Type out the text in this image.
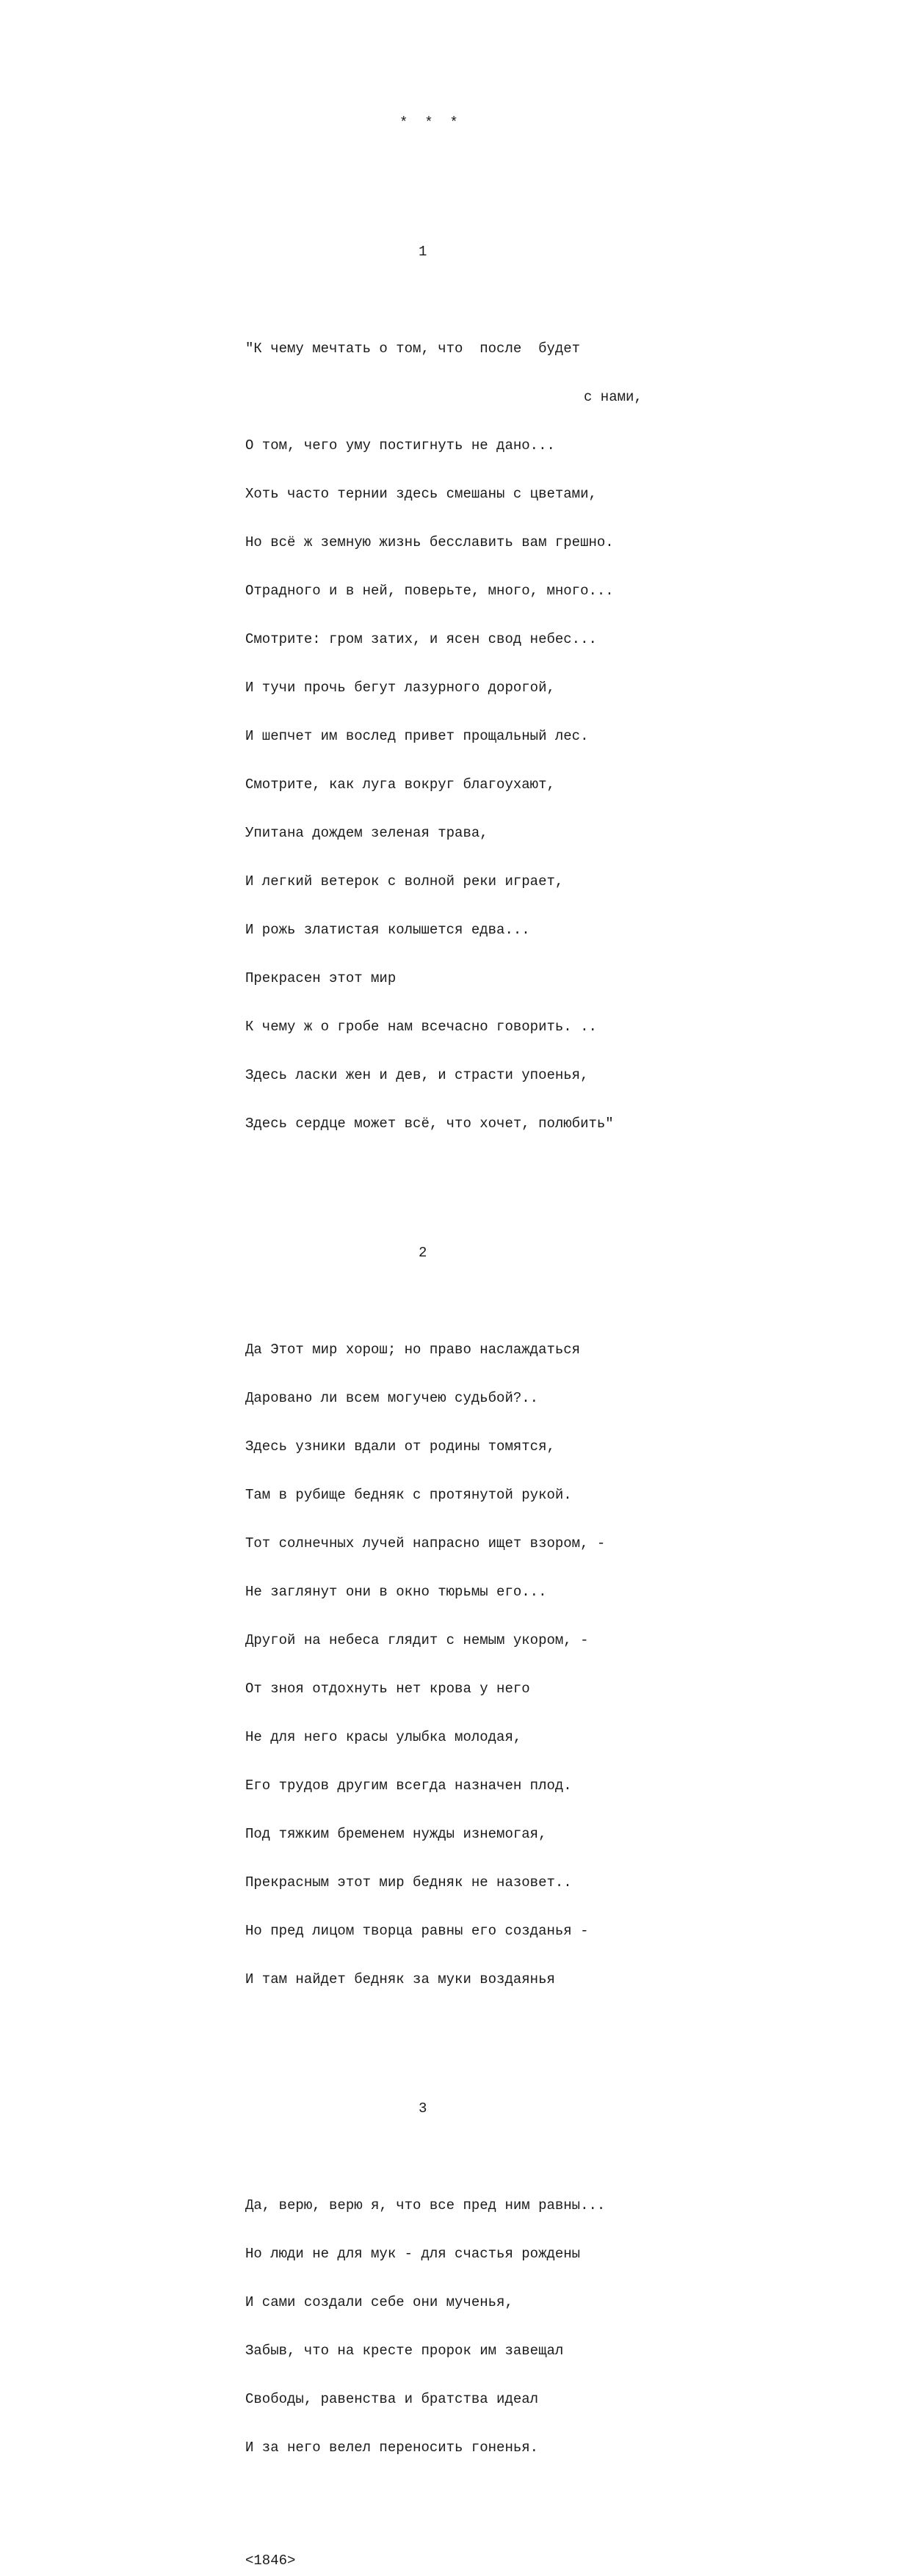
*  *  *

1

"К чему мечтать о том, что  после  будет

с нами,

О том, чего уму постигнуть не дано...

Хоть часто тернии здесь смешаны с цветами,

Но всё ж земную жизнь бесславить вам грешно.

Отрадного и в ней, поверьте, много, много...

Смотрите: гром затих, и ясен свод небес...

И тучи прочь бегут лазурного дорогой,

И шепчет им вослед привет прощальный лес.

Смотрите, как луга вокруг благоухают,

Упитана дождем зеленая трава,

И легкий ветерок с волной реки играет,

И рожь златистая колышется едва...

Прекрасен этот мир

К чему ж о гробе нам всечасно говорить. ..

Здесь ласки жен и дев, и страсти упоенья,

Здесь сердце может всё, что хочет, полюбить"

2

Да Этот мир хорош; но право наслаждаться

Даровано ли всем могучею судьбой?..

Здесь узники вдали от родины томятся,

Там в рубище бедняк с протянутой рукой.

Тот солнечных лучей напрасно ищет взором, -

Не заглянут они в окно тюрьмы его...

Другой на небеса глядит с немым укором, -

От зноя отдохнуть нет крова у него

Не для него красы улыбка молодая,

Его трудов другим всегда назначен плод.

Под тяжким бременем нужды изнемогая,

Прекрасным этот мир бедняк не назовет..

Но пред лицом творца равны его созданья -

И там найдет бедняк за муки воздаянья

3

Да, верю, верю я, что все пред ним равны...

Но люди не для мук - для счастья рождены

И сами создали себе они мученья,

Забыв, что на кресте пророк им завещал

Свободы, равенства и братства идеал

И за него велел переносить гоненья.

<1846>
